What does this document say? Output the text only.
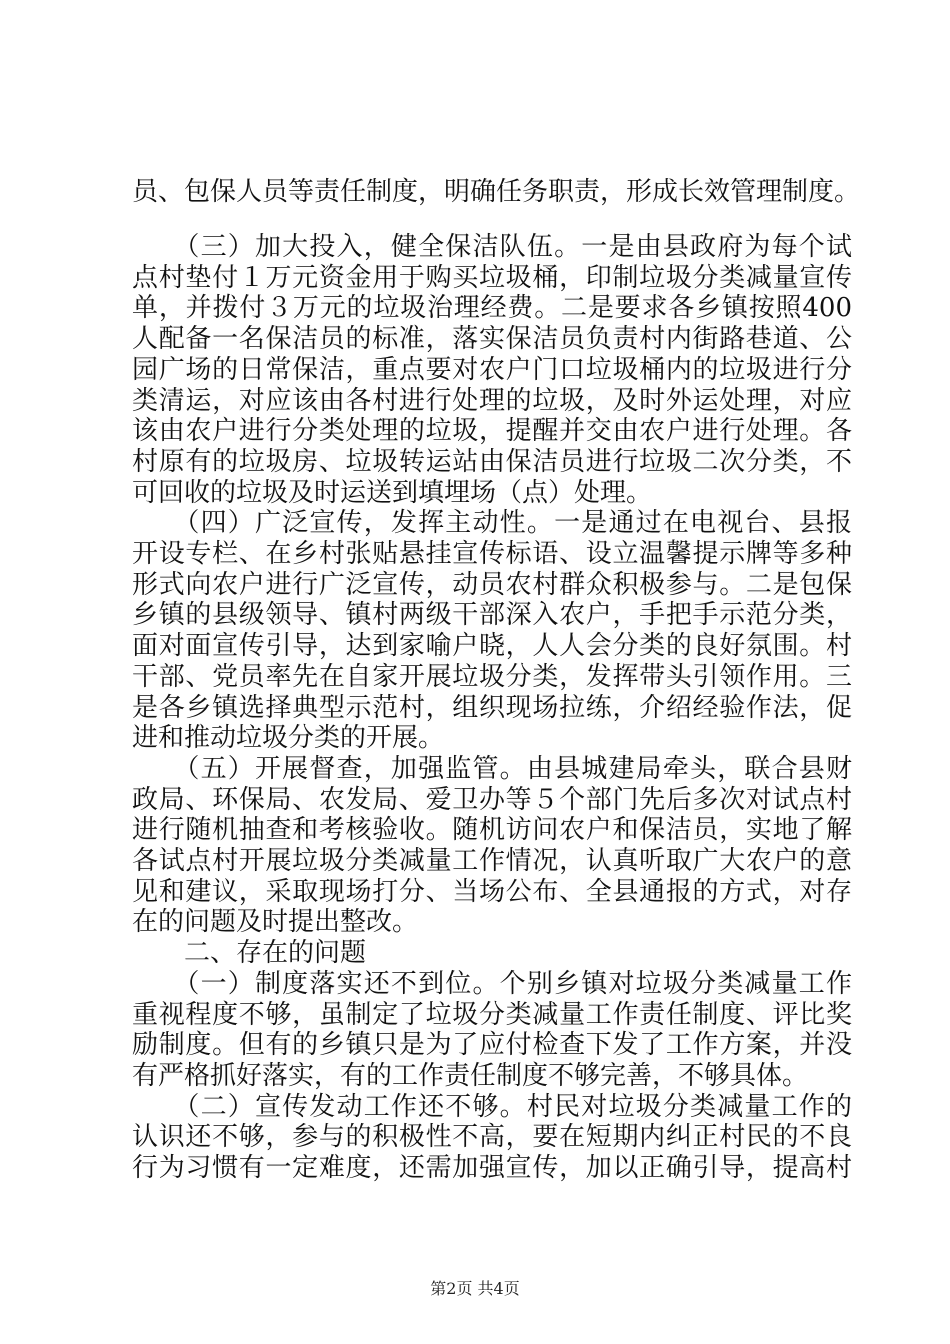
员、包保人员等责任制度，明确任务职责，形成长效管理制度。
　　（三）加大投入，健全保洁队伍。一是由县政府为每个试
点村垫付１万元资金用于购买垃圾桶，印制垃圾分类减量宣传
单，并拨付３万元的垃圾治理经费。二是要求各乡镇按照400
人配备一名保洁员的标准，落实保洁员负责村内街路巷道、公
园广场的日常保洁，重点要对农户门口垃圾桶内的垃圾进行分
类清运，对应该由各村进行处理的垃圾，及时外运处理，对应
该由农户进行分类处理的垃圾，提醒并交由农户进行处理。各
村原有的垃圾房、垃圾转运站由保洁员进行垃圾二次分类，不
可回收的垃圾及时运送到填埋场（点）处理。
　　（四）广泛宣传，发挥主动性。一是通过在电视台、县报
开设专栏、在乡村张贴悬挂宣传标语、设立温馨提示牌等多种
形式向农户进行广泛宣传，动员农村群众积极参与。二是包保
乡镇的县级领导、镇村两级干部深入农户，手把手示范分类，
面对面宣传引导，达到家喻户晓，人人会分类的良好氛围。村
干部、党员率先在自家开展垃圾分类，发挥带头引领作用。三
是各乡镇选择典型示范村，组织现场拉练，介绍经验作法，促
进和推动垃圾分类的开展。
　　（五）开展督查，加强监管。由县城建局牵头，联合县财
政局、环保局、农发局、爱卫办等５个部门先后多次对试点村
进行随机抽查和考核验收。随机访问农户和保洁员，实地了解
各试点村开展垃圾分类减量工作情况，认真听取广大农户的意
见和建议，采取现场打分、当场公布、全县通报的方式，对存
在的问题及时提出整改。
　　二、存在的问题
　　（一）制度落实还不到位。个别乡镇对垃圾分类减量工作
重视程度不够，虽制定了垃圾分类减量工作责任制度、评比奖
励制度。但有的乡镇只是为了应付检查下发了工作方案，并没
有严格抓好落实，有的工作责任制度不够完善，不够具体。
第2页 共4页
　　（二）宣传发动工作还不够。村民对垃圾分类减量工作的
认识还不够，参与的积极性不高，要在短期内纠正村民的不良
行为习惯有一定难度，还需加强宣传，加以正确引导，提高村
